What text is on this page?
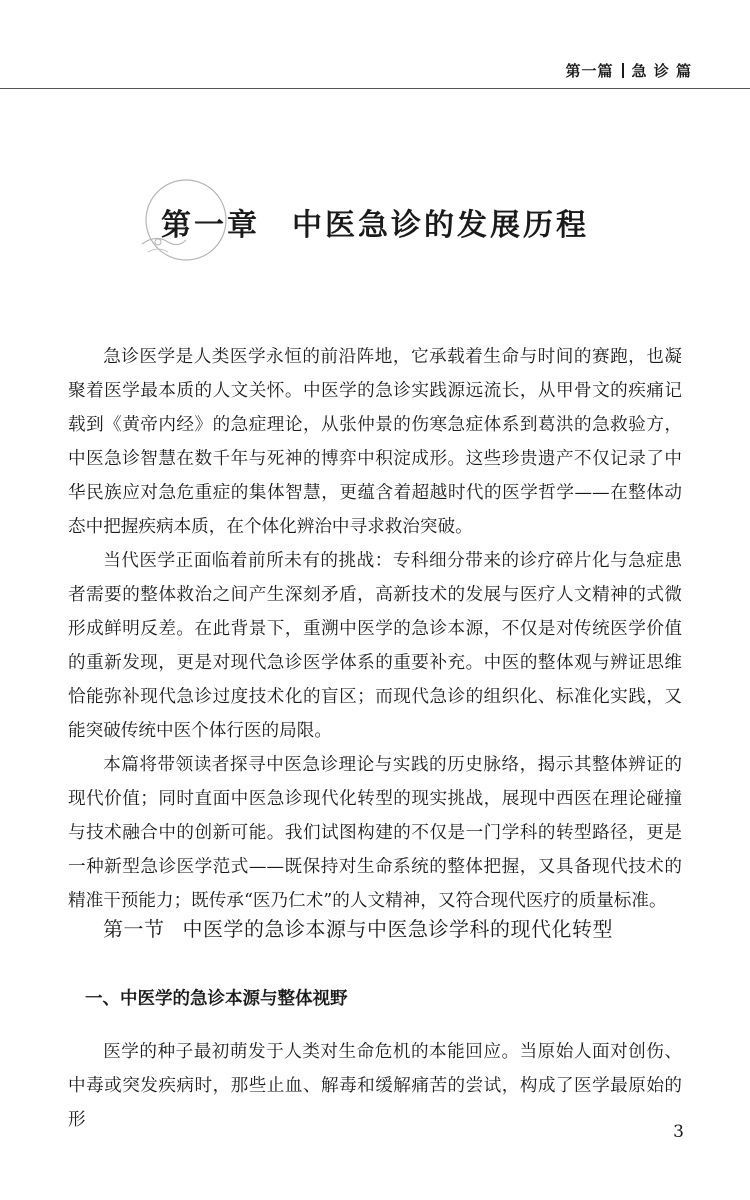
第一篇 急 诊 篇
第一章 中医急诊的发展历程

急诊医学是人类医学永恒的前沿阵地，它承载着生命与时间的赛跑，也凝聚着医学最本质的人文关怀。中医学的急诊实践源远流长，从甲骨文的疾痛记载到《黄帝内经》的急症理论，从张仲景的伤寒急症体系到葛洪的急救验方，中医急诊智慧在数千年与死神的博弈中积淀成形。这些珍贵遗产不仅记录了中华民族应对急危重症的集体智慧，更蕴含着超越时代的医学哲学——在整体动态中把握疾病本质，在个体化辨治中寻求救治突破。

当代医学正面临着前所未有的挑战：专科细分带来的诊疗碎片化与急症患者需要的整体救治之间产生深刻矛盾，高新技术的发展与医疗人文精神的式微形成鲜明反差。在此背景下，重溯中医学的急诊本源，不仅是对传统医学价值的重新发现，更是对现代急诊医学体系的重要补充。中医的整体观与辨证思维恰能弥补现代急诊过度技术化的盲区；而现代急诊的组织化、标准化实践，又能突破传统中医个体行医的局限。

本篇将带领读者探寻中医急诊理论与实践的历史脉络，揭示其整体辨证的现代价值；同时直面中医急诊现代化转型的现实挑战，展现中西医在理论碰撞与技术融合中的创新可能。我们试图构建的不仅是一门学科的转型路径，更是一种新型急诊医学范式——既保持对生命系统的整体把握，又具备现代技术的精准干预能力；既传承“医乃仁术”的人文精神，又符合现代医疗的质量标准。

第一节 中医学的急诊本源与中医急诊学科的现代化转型
一、中医学的急诊本源与整体视野

医学的种子最初萌发于人类对生命危机的本能回应。当原始人面对创伤、中毒或突发疾病时，那些止血、解毒和缓解痛苦的尝试，构成了医学最原始的形

3
